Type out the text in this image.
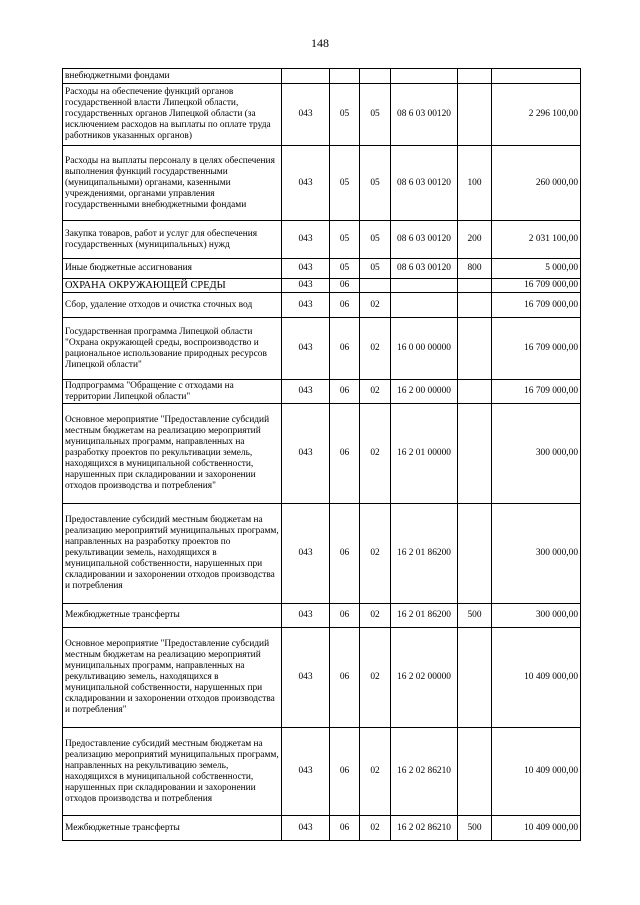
148
внебюджетными фондами						
Расходы на обеспечение функций органов государственной власти Липецкой области, государственных органов Липецкой области (за исключением расходов на выплаты по оплате труда работников указанных органов)	043	05	05	08 6 03 00120		2 296 100,00
Расходы на выплаты персоналу в целях обеспечения выполнения функций государственными (муниципальными) органами, казенными учреждениями, органами управления государственными внебюджетными фондами	043	05	05	08 6 03 00120	100	260 000,00
Закупка товаров, работ и услуг для обеспечения государственных (муниципальных) нужд	043	05	05	08 6 03 00120	200	2 031 100,00
Иные бюджетные ассигнования	043	05	05	08 6 03 00120	800	5 000,00
ОХРАНА ОКРУЖАЮЩЕЙ СРЕДЫ	043	06				16 709 000,00
Сбор, удаление отходов и очистка сточных вод	043	06	02			16 709 000,00
Государственная программа Липецкой области "Охрана окружающей среды, воспроизводство и рациональное использование природных ресурсов Липецкой области"	043	06	02	16 0 00 00000		16 709 000,00
Подпрограмма "Обращение с отходами на территории Липецкой области"	043	06	02	16 2 00 00000		16 709 000,00
Основное мероприятие "Предоставление субсидий местным бюджетам на реализацию мероприятий муниципальных программ, направленных на разработку проектов по рекультивации земель, находящихся в муниципальной собственности, нарушенных при складировании и захоронении отходов производства и потребления"	043	06	02	16 2 01 00000		300 000,00
Предоставление субсидий местным бюджетам на реализацию мероприятий муниципальных программ, направленных на разработку проектов по рекультивации земель, находящихся в муниципальной собственности, нарушенных при складировании и захоронении отходов производства и потребления	043	06	02	16 2 01 86200		300 000,00
Межбюджетные трансферты	043	06	02	16 2 01 86200	500	300 000,00
Основное мероприятие "Предоставление субсидий местным бюджетам на реализацию мероприятий муниципальных программ, направленных на рекультивацию земель, находящихся в муниципальной собственности, нарушенных при складировании и захоронении отходов производства и потребления"	043	06	02	16 2 02 00000		10 409 000,00
Предоставление субсидий местным бюджетам на реализацию мероприятий муниципальных программ, направленных на рекультивацию земель, находящихся в муниципальной собственности, нарушенных при складировании и захоронении отходов производства и потребления	043	06	02	16 2 02 86210		10 409 000,00
Межбюджетные трансферты	043	06	02	16 2 02 86210	500	10 409 000,00
